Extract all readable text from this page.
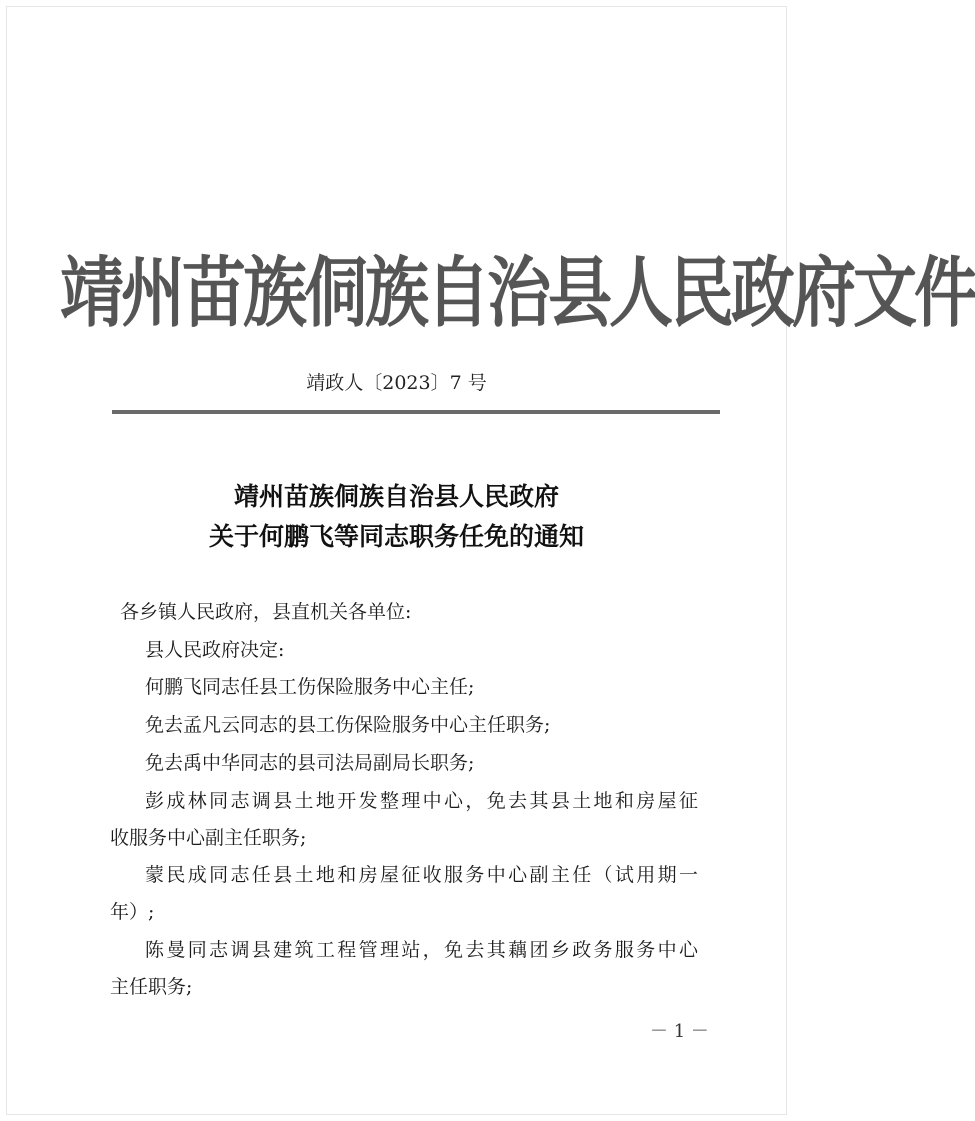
靖州苗族侗族自治县人民政府文件
靖政人〔2023〕7 号
靖州苗族侗族自治县人民政府
关于何鹏飞等同志职务任免的通知
各乡镇人民政府，县直机关各单位:
县人民政府决定:
何鹏飞同志任县工伤保险服务中心主任;
免去孟凡云同志的县工伤保险服务中心主任职务;
免去禹中华同志的县司法局副局长职务;
彭成林同志调县土地开发整理中心，免去其县土地和房屋征
收服务中心副主任职务;
蒙民成同志任县土地和房屋征收服务中心副主任（试用期一
年）;
陈曼同志调县建筑工程管理站，免去其藕团乡政务服务中心
主任职务;
－ 1 －
